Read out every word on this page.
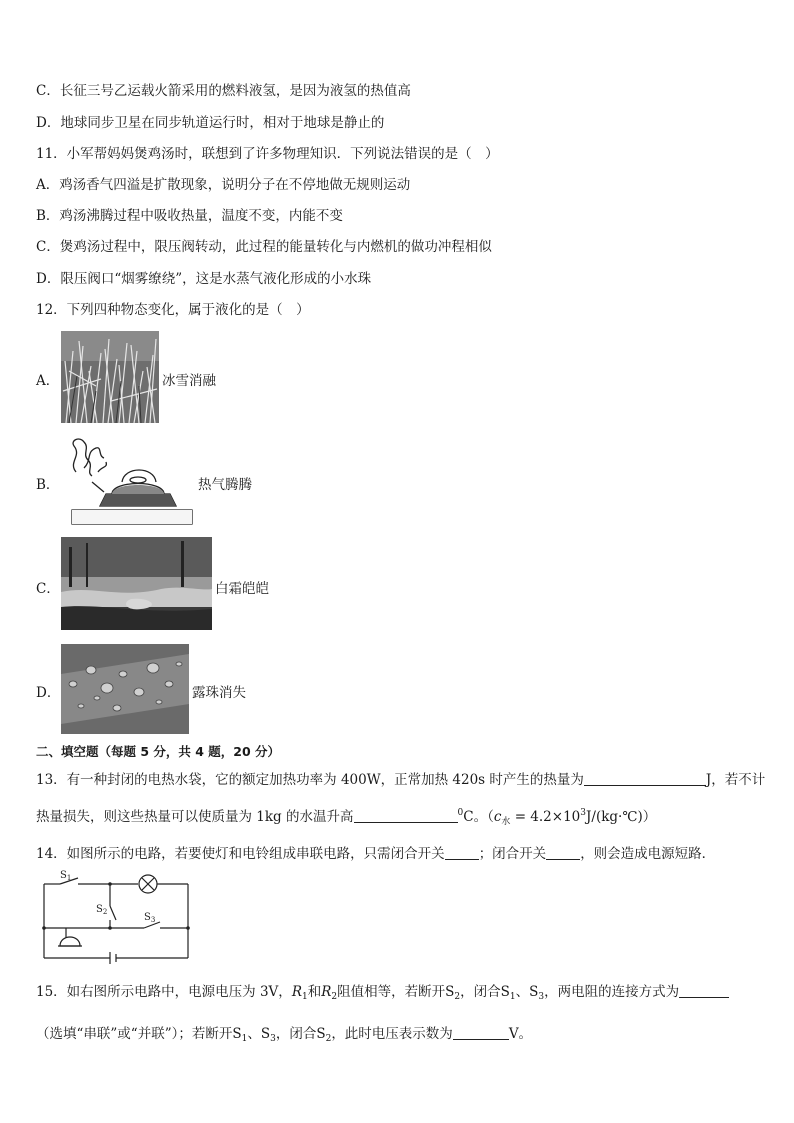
C．长征三号乙运载火箭采用的燃料液氢，是因为液氢的热值高
D．地球同步卫星在同步轨道运行时，相对于地球是静止的
11．小军帮妈妈煲鸡汤时，联想到了许多物理知识．下列说法错误的是（　）
A．鸡汤香气四溢是扩散现象，说明分子在不停地做无规则运动
B．鸡汤沸腾过程中吸收热量，温度不变，内能不变
C．煲鸡汤过程中，限压阀转动，此过程的能量转化与内燃机的做功冲程相似
D．限压阀口“烟雾缭绕”，这是水蒸气液化形成的小水珠
12．下列四种物态变化，属于液化的是（　）
A．	冰雪消融
B．	热气腾腾
C．	白霜皑皑
D．	露珠消失
二、填空题（每题 5 分，共 4 题，20 分）
13．有一种封闭的电热水袋，它的额定加热功率为 400W，正常加热 420s 时产生的热量为	J，若不计
热量损失，则这些热量可以使质量为 1kg 的水温升高	$^0$C。（$c_水$ = $4.2\times 10^3J/(kg\cdot℃)$）
14．如图所示的电路，若要使灯和电铃组成串联电路，只需闭合开关	；闭合开关	，则会造成电源短路．
$S_1$
$S_2$	$S_3$
15．如右图所示电路中，电源电压为 3V，$R_1$和$R_2$阻值相等，若断开$S_2$，闭合$S_1$、$S_3$，两电阻的连接方式为
（选填“串联”或“并联”）；若断开$S_1$、$S_3$，闭合$S_2$，此时电压表示数为	V。
